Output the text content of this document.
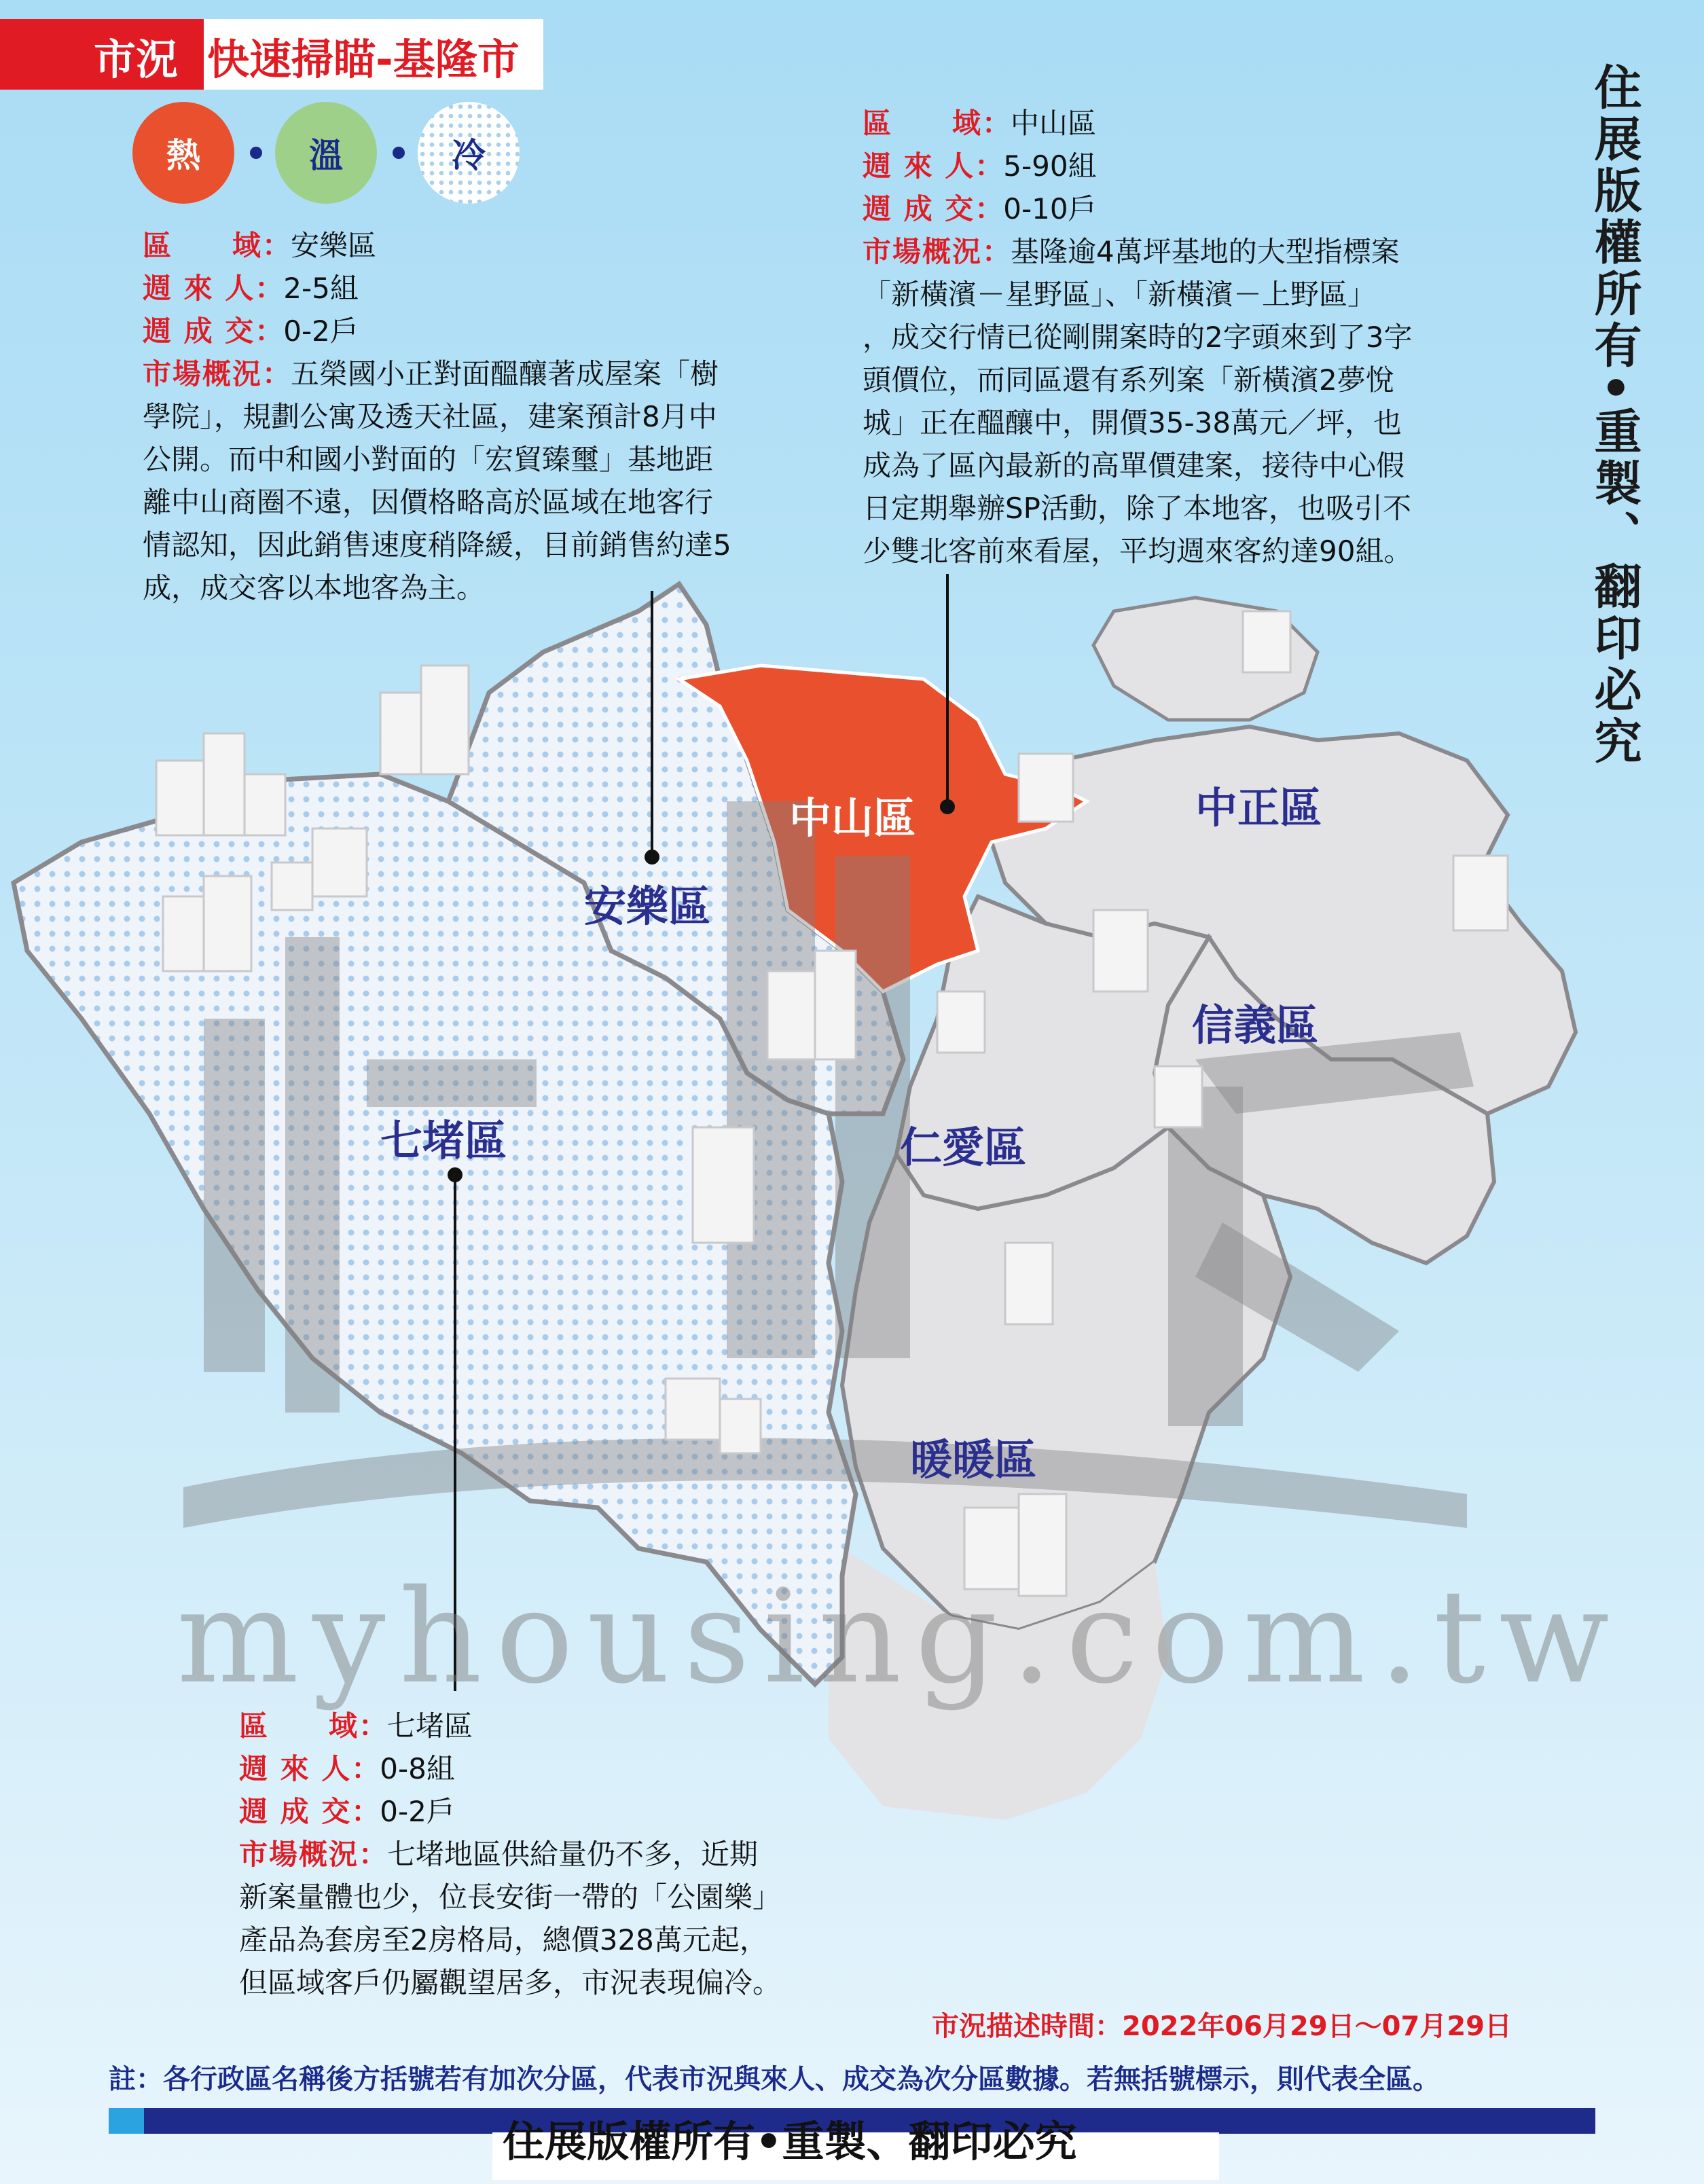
安樂區
中山區	中正區
信義區
仁愛區
七堵區
暖暖區
myhousing.com.tw
市況 快速掃瞄-基隆市
熱	溫	冷
區　　域：安樂區
週 來 人：2-5組
週 成 交：0-2戶
市場概況：五榮國小正對面醞釀著成屋案「樹
學院」，規劃公寓及透天社區，建案預計8月中
公開。而中和國小對面的「宏貿臻璽」基地距
離中山商圈不遠，因價格略高於區域在地客行
情認知，因此銷售速度稍降緩，目前銷售約達5
成，成交客以本地客為主。
區　　域：中山區
週 來 人：5-90組
週 成 交：0-10戶
市場概況：基隆逾4萬坪基地的大型指標案
「新橫濱－星野區」、「新橫濱－上野區」
，成交行情已從剛開案時的2字頭來到了3字
頭價位，而同區還有系列案「新橫濱2夢悅
城」正在醞釀中，開價35-38萬元／坪，也
成為了區內最新的高單價建案，接待中心假
日定期舉辦SP活動，除了本地客，也吸引不
少雙北客前來看屋，平均週來客約達90組。
區　　域：七堵區
週 來 人：0-8組
週 成 交：0-2戶
市場概況：七堵地區供給量仍不多，近期
新案量體也少，位長安街一帶的「公園樂」
產品為套房至2房格局，總價328萬元起，
但區域客戶仍屬觀望居多，市況表現偏冷。
住展版權所有•重製、翻印必究
市況描述時間：2022年06月29日～07月29日
註：各行政區名稱後方括號若有加次分區，代表市況與來人、成交為次分區數據。若無括號標示，則代表全區。
住展版權所有•重製、翻印必究
